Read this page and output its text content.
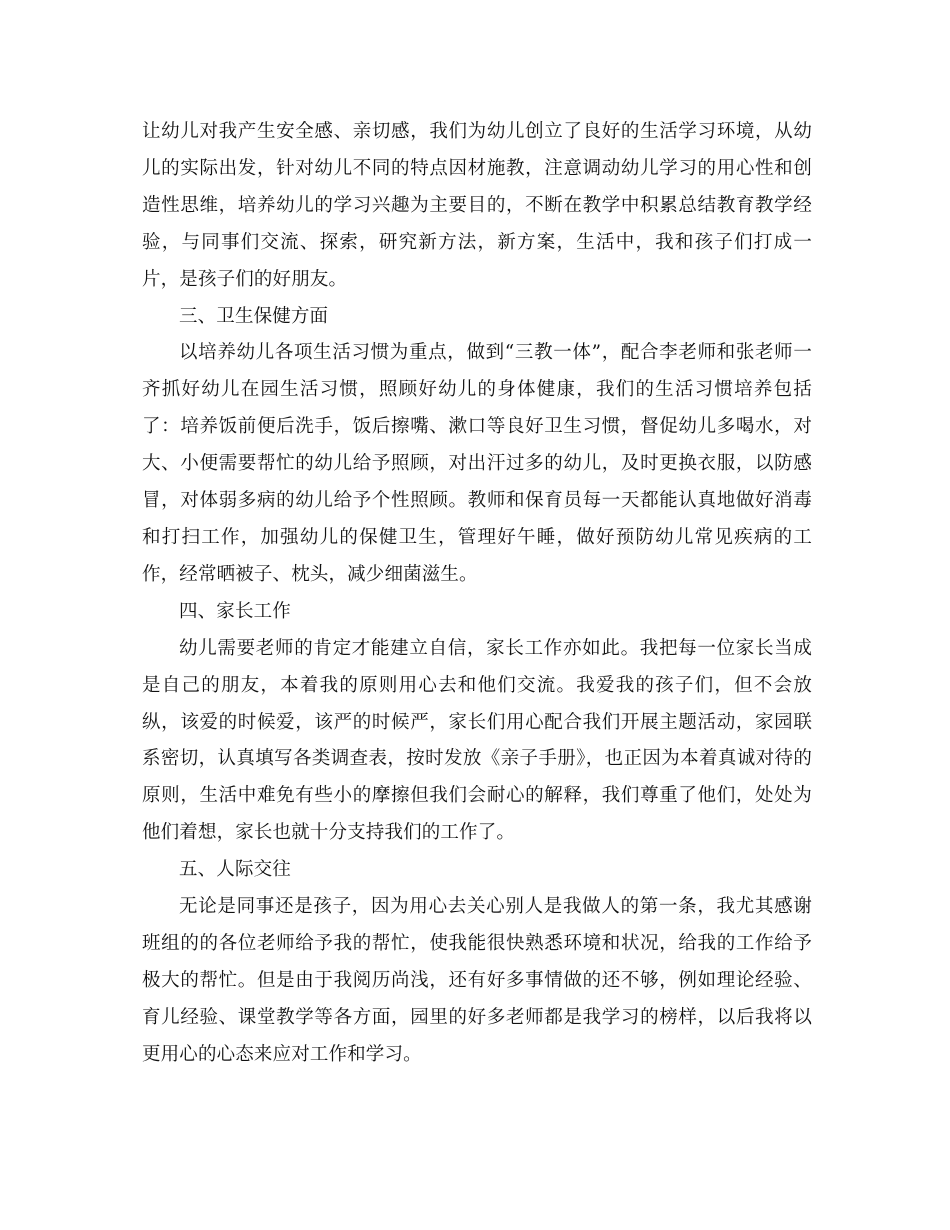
让幼儿对我产生安全感、亲切感，我们为幼儿创立了良好的生活学习环境，从幼儿的实际出发，针对幼儿不同的特点因材施教，注意调动幼儿学习的用心性和创造性思维，培养幼儿的学习兴趣为主要目的，不断在教学中积累总结教育教学经验，与同事们交流、探索，研究新方法，新方案，生活中，我和孩子们打成一片，是孩子们的好朋友。

三、卫生保健方面

以培养幼儿各项生活习惯为重点，做到“三教一体”，配合李老师和张老师一齐抓好幼儿在园生活习惯，照顾好幼儿的身体健康，我们的生活习惯培养包括了：培养饭前便后洗手，饭后擦嘴、漱口等良好卫生习惯，督促幼儿多喝水，对大、小便需要帮忙的幼儿给予照顾，对出汗过多的幼儿，及时更换衣服，以防感冒，对体弱多病的幼儿给予个性照顾。教师和保育员每一天都能认真地做好消毒和打扫工作，加强幼儿的保健卫生，管理好午睡，做好预防幼儿常见疾病的工作，经常晒被子、枕头，减少细菌滋生。

四、家长工作

幼儿需要老师的肯定才能建立自信，家长工作亦如此。我把每一位家长当成是自己的朋友，本着我的原则用心去和他们交流。我爱我的孩子们，但不会放纵，该爱的时候爱，该严的时候严，家长们用心配合我们开展主题活动，家园联系密切，认真填写各类调查表，按时发放《亲子手册》，也正因为本着真诚对待的原则，生活中难免有些小的摩擦但我们会耐心的解释，我们尊重了他们，处处为他们着想，家长也就十分支持我们的工作了。

五、人际交往

无论是同事还是孩子，因为用心去关心别人是我做人的第一条，我尤其感谢班组的的各位老师给予我的帮忙，使我能很快熟悉环境和状况，给我的工作给予极大的帮忙。但是由于我阅历尚浅，还有好多事情做的还不够，例如理论经验、育儿经验、课堂教学等各方面，园里的好多老师都是我学习的榜样，以后我将以更用心的心态来应对工作和学习。
